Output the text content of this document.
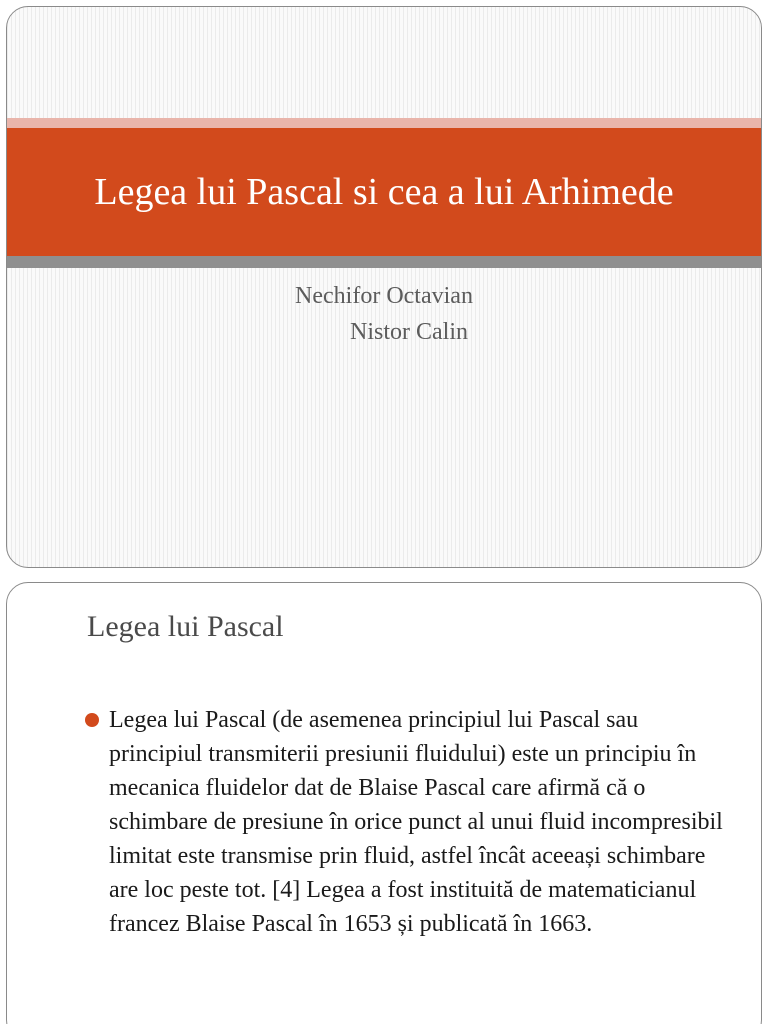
Legea lui Pascal si cea a lui Arhimede
Nechifor Octavian
Nistor Calin
Legea lui Pascal

Legea lui Pascal (de asemenea principiul lui Pascal sau principiul transmiterii presiunii fluidului) este un principiu în mecanica fluidelor dat de Blaise Pascal care afirmă că o schimbare de presiune în orice punct al unui fluid incompresibil limitat este transmise prin fluid, astfel încât aceeași schimbare are loc peste tot. [4] Legea a fost instituită de matematicianul francez Blaise Pascal în 1653 și publicată în 1663.
